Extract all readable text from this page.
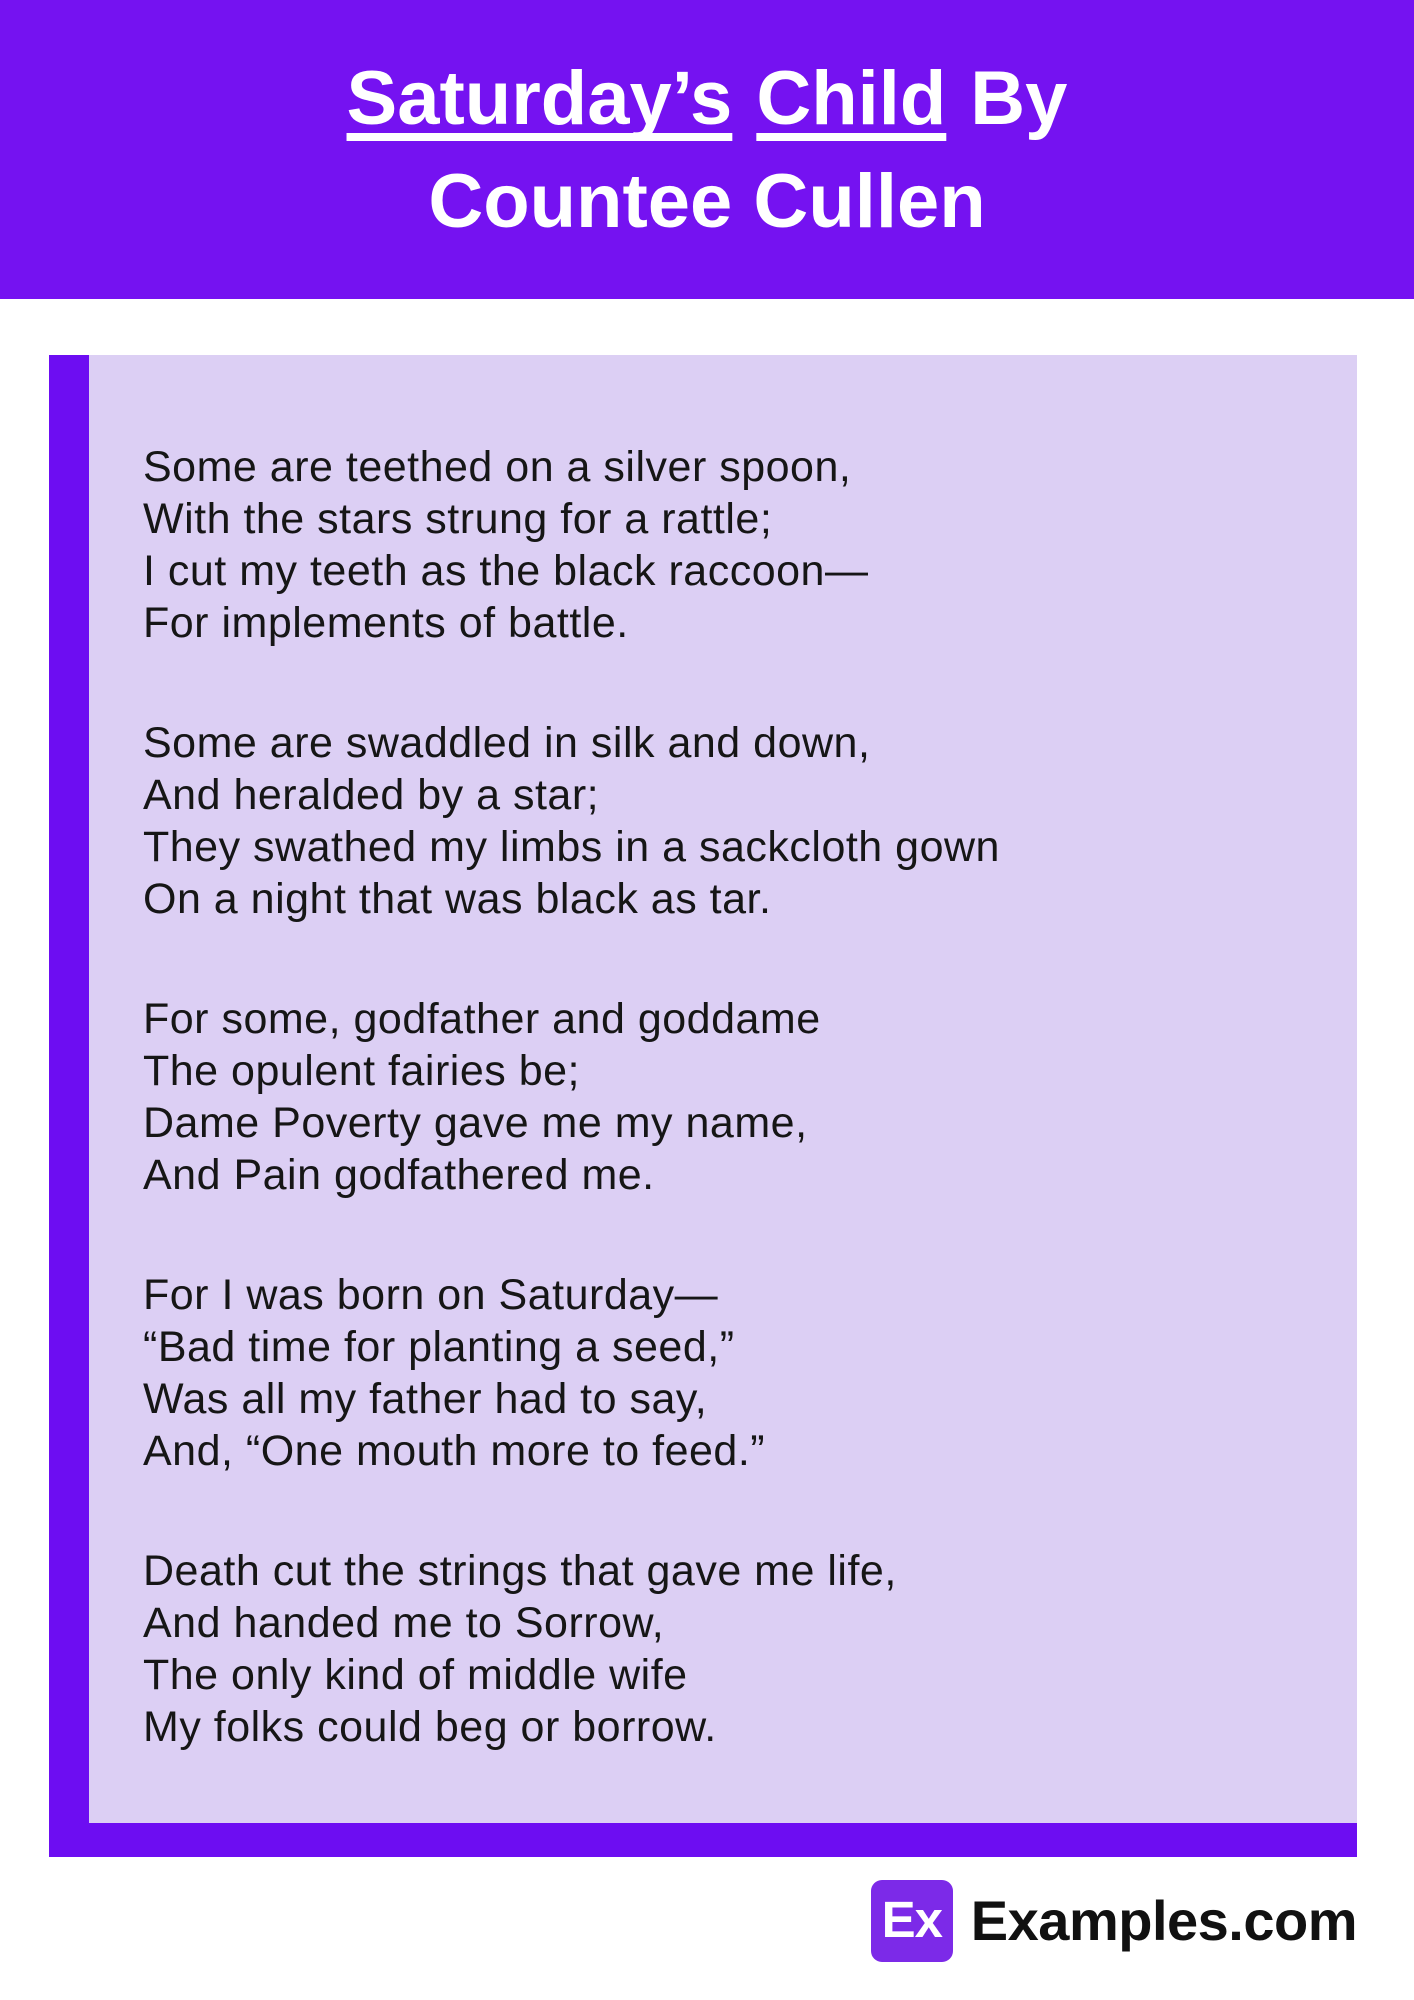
Saturday’s Child By
Countee Cullen
Some are teethed on a silver spoon,
With the stars strung for a rattle;
I cut my teeth as the black raccoon—
For implements of battle.
Some are swaddled in silk and down,
And heralded by a star;
They swathed my limbs in a sackcloth gown
On a night that was black as tar.
For some, godfather and goddame
The opulent fairies be;
Dame Poverty gave me my name,
And Pain godfathered me.
For I was born on Saturday—
“Bad time for planting a seed,”
Was all my father had to say,
And, “One mouth more to feed.”
Death cut the strings that gave me life,
And handed me to Sorrow,
The only kind of middle wife
My folks could beg or borrow.
Ex Examples.com
